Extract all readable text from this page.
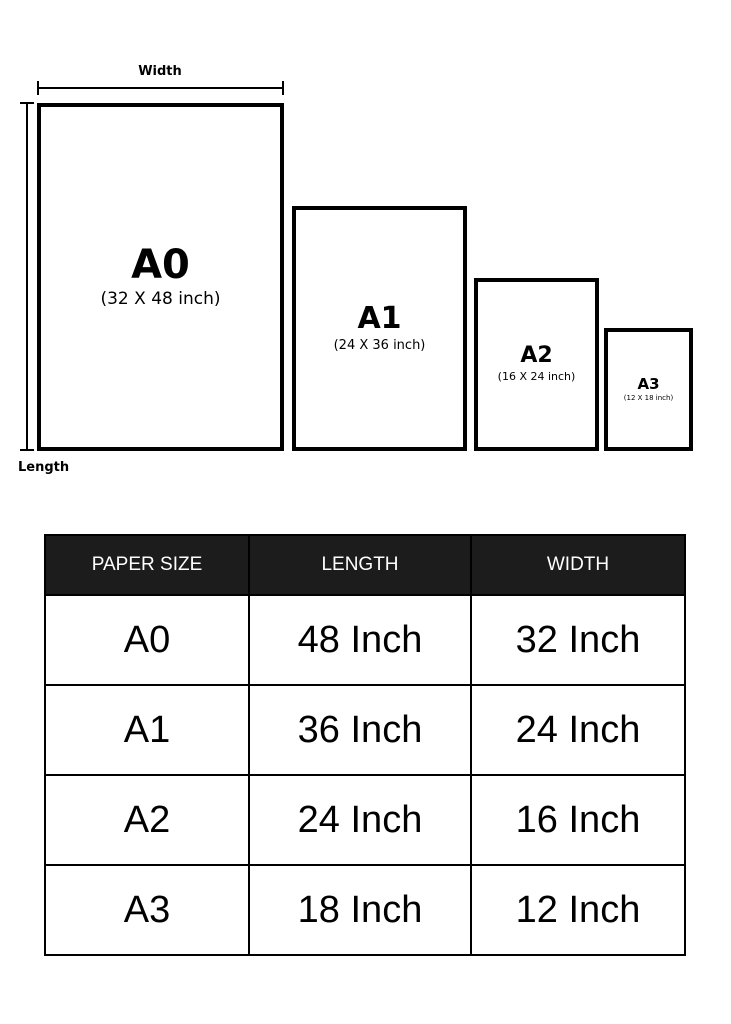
Width
Length
A0
(32 X 48 inch)
A1
(24 X 36 inch)	A2
(16 X 24 inch)	A3
(12 X 18 inch)
PAPER SIZE	LENGTH	WIDTH
A0	48 Inch	32 Inch
A1	36 Inch	24 Inch
A2	24 Inch	16 Inch
A3	18 Inch	12 Inch
